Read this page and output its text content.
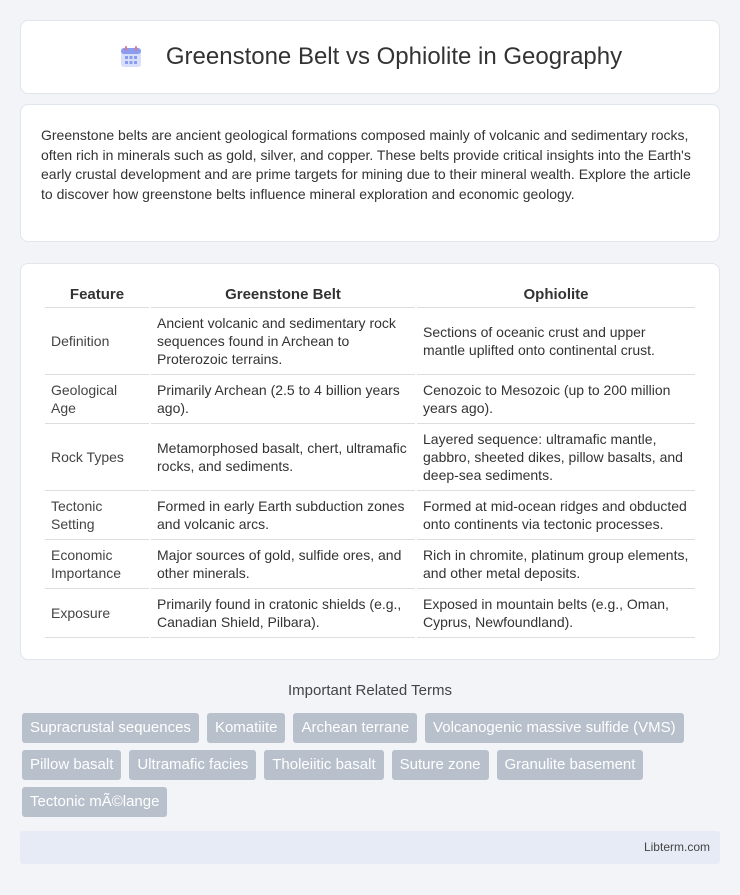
Greenstone Belt vs Ophiolite in Geography

Greenstone belts are ancient geological formations composed mainly of volcanic and sedimentary rocks, often rich in minerals such as gold, silver, and copper. These belts provide critical insights into the Earth's early crustal development and are prime targets for mining due to their mineral wealth. Explore the article to discover how greenstone belts influence mineral exploration and economic geology.

Feature	Greenstone Belt	Ophiolite
Definition	Ancient volcanic and sedimentary rock sequences found in Archean to Proterozoic terrains.	Sections of oceanic crust and upper mantle uplifted onto continental crust.
Geological Age	Primarily Archean (2.5 to 4 billion years ago).	Cenozoic to Mesozoic (up to 200 million years ago).
Rock Types	Metamorphosed basalt, chert, ultramafic rocks, and sediments.	Layered sequence: ultramafic mantle, gabbro, sheeted dikes, pillow basalts, and deep-sea sediments.
Tectonic Setting	Formed in early Earth subduction zones and volcanic arcs.	Formed at mid-ocean ridges and obducted onto continents via tectonic processes.
Economic Importance	Major sources of gold, sulfide ores, and other minerals.	Rich in chromite, platinum group elements, and other metal deposits.
Exposure	Primarily found in cratonic shields (e.g., Canadian Shield, Pilbara).	Exposed in mountain belts (e.g., Oman, Cyprus, Newfoundland).
Important Related Terms
Supracrustal sequences	Komatiite	Archean terrane	Volcanogenic massive sulfide (VMS)
Pillow basalt	Ultramafic facies	Tholeiitic basalt	Suture zone	Granulite basement
Tectonic mÃ©lange
Libterm.com
